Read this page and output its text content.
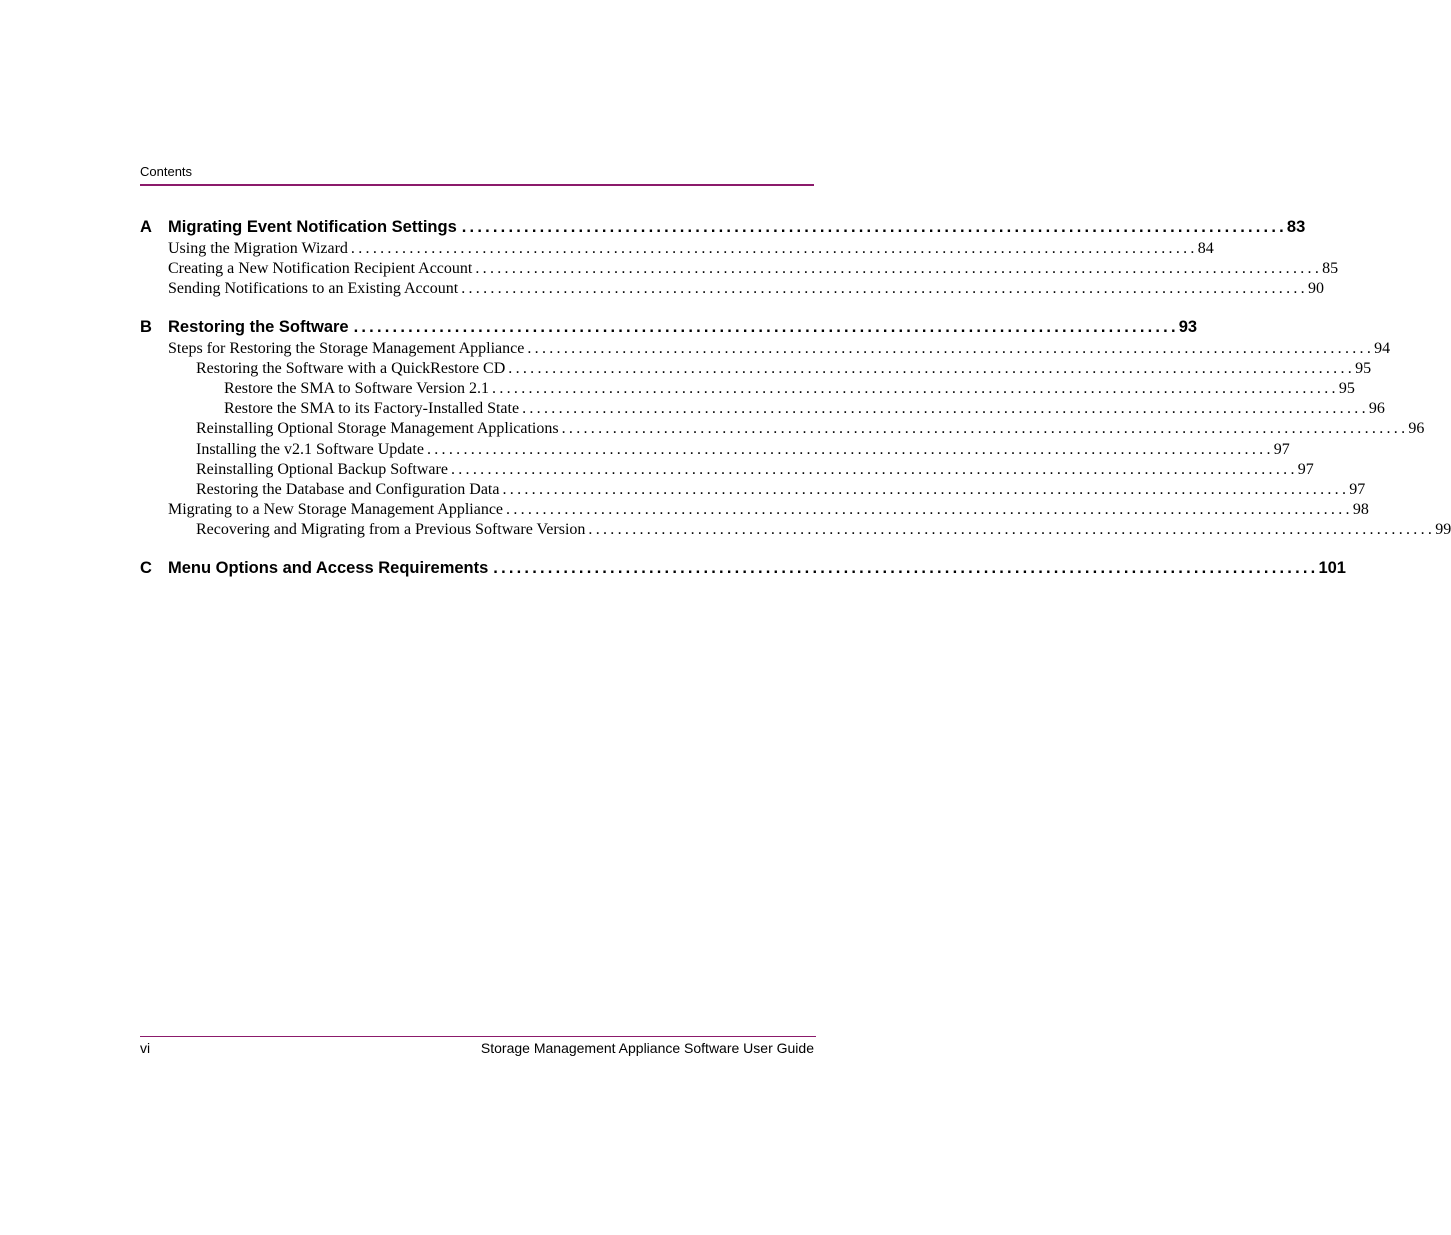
Contents
A Migrating Event Notification Settings .......................................................................................................... 83
Using the Migration Wizard .................................................................................................................... 84
Creating a New Notification Recipient Account .................................................................................................................... 85
Sending Notifications to an Existing Account .................................................................................................................... 90
B Restoring the Software .......................................................................................................... 93
Steps for Restoring the Storage Management Appliance .................................................................................................................... 94
Restoring the Software with a QuickRestore CD .................................................................................................................... 95
Restore the SMA to Software Version 2.1 .................................................................................................................... 95
Restore the SMA to its Factory-Installed State .................................................................................................................... 96
Reinstalling Optional Storage Management Applications .................................................................................................................... 96
Installing the v2.1 Software Update .................................................................................................................... 97
Reinstalling Optional Backup Software .................................................................................................................... 97
Restoring the Database and Configuration Data .................................................................................................................... 97
Migrating to a New Storage Management Appliance .................................................................................................................... 98
Recovering and Migrating from a Previous Software Version .................................................................................................................... 99
C Menu Options and Access Requirements .......................................................................................................... 101
vi	Storage Management Appliance Software User Guide
